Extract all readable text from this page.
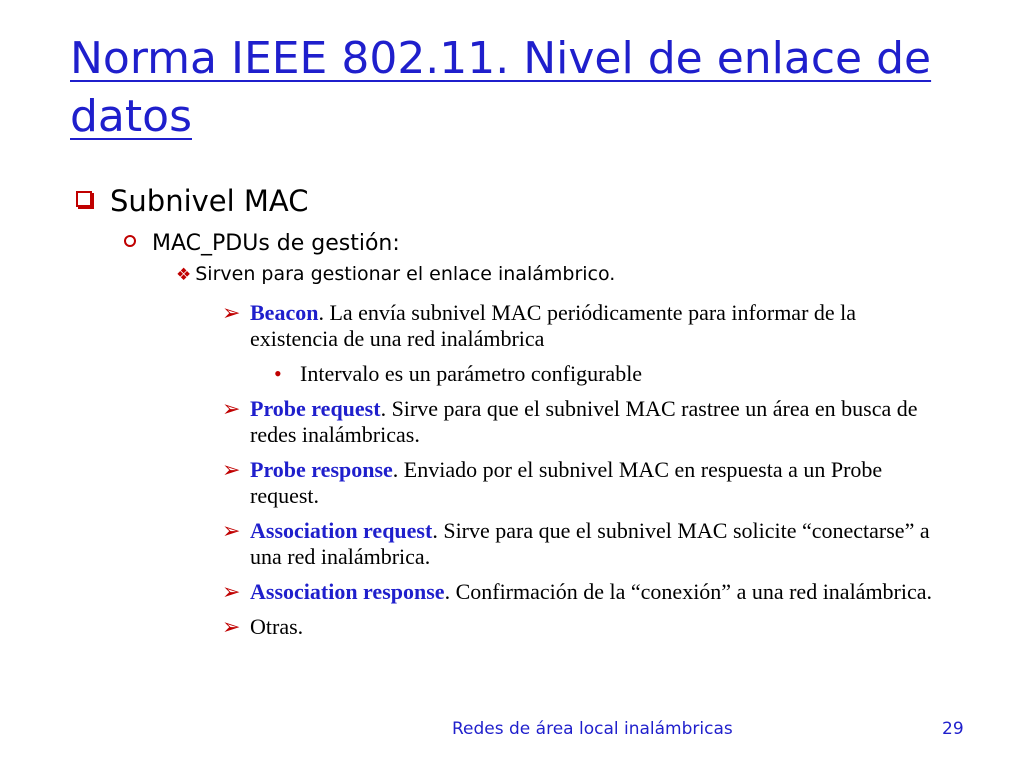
Norma IEEE 802.11. Nivel de enlace de datos
Subnivel MAC
MAC_PDUs de gestión:
❖ Sirven para gestionar el enlace inalámbrico.
➢ Beacon. La envía subnivel MAC periódicamente para informar de la existencia de una red inalámbrica
• Intervalo es un parámetro configurable
➢ Probe request. Sirve para que el subnivel MAC rastree un área en busca de redes inalámbricas.
➢ Probe response. Enviado por el subnivel MAC en respuesta a un Probe request.
➢ Association request. Sirve para que el subnivel MAC solicite “conectarse” a una red inalámbrica.
➢ Association response. Confirmación de la “conexión” a una red inalámbrica.
➢ Otras.
Redes de área local inalámbricas	29
